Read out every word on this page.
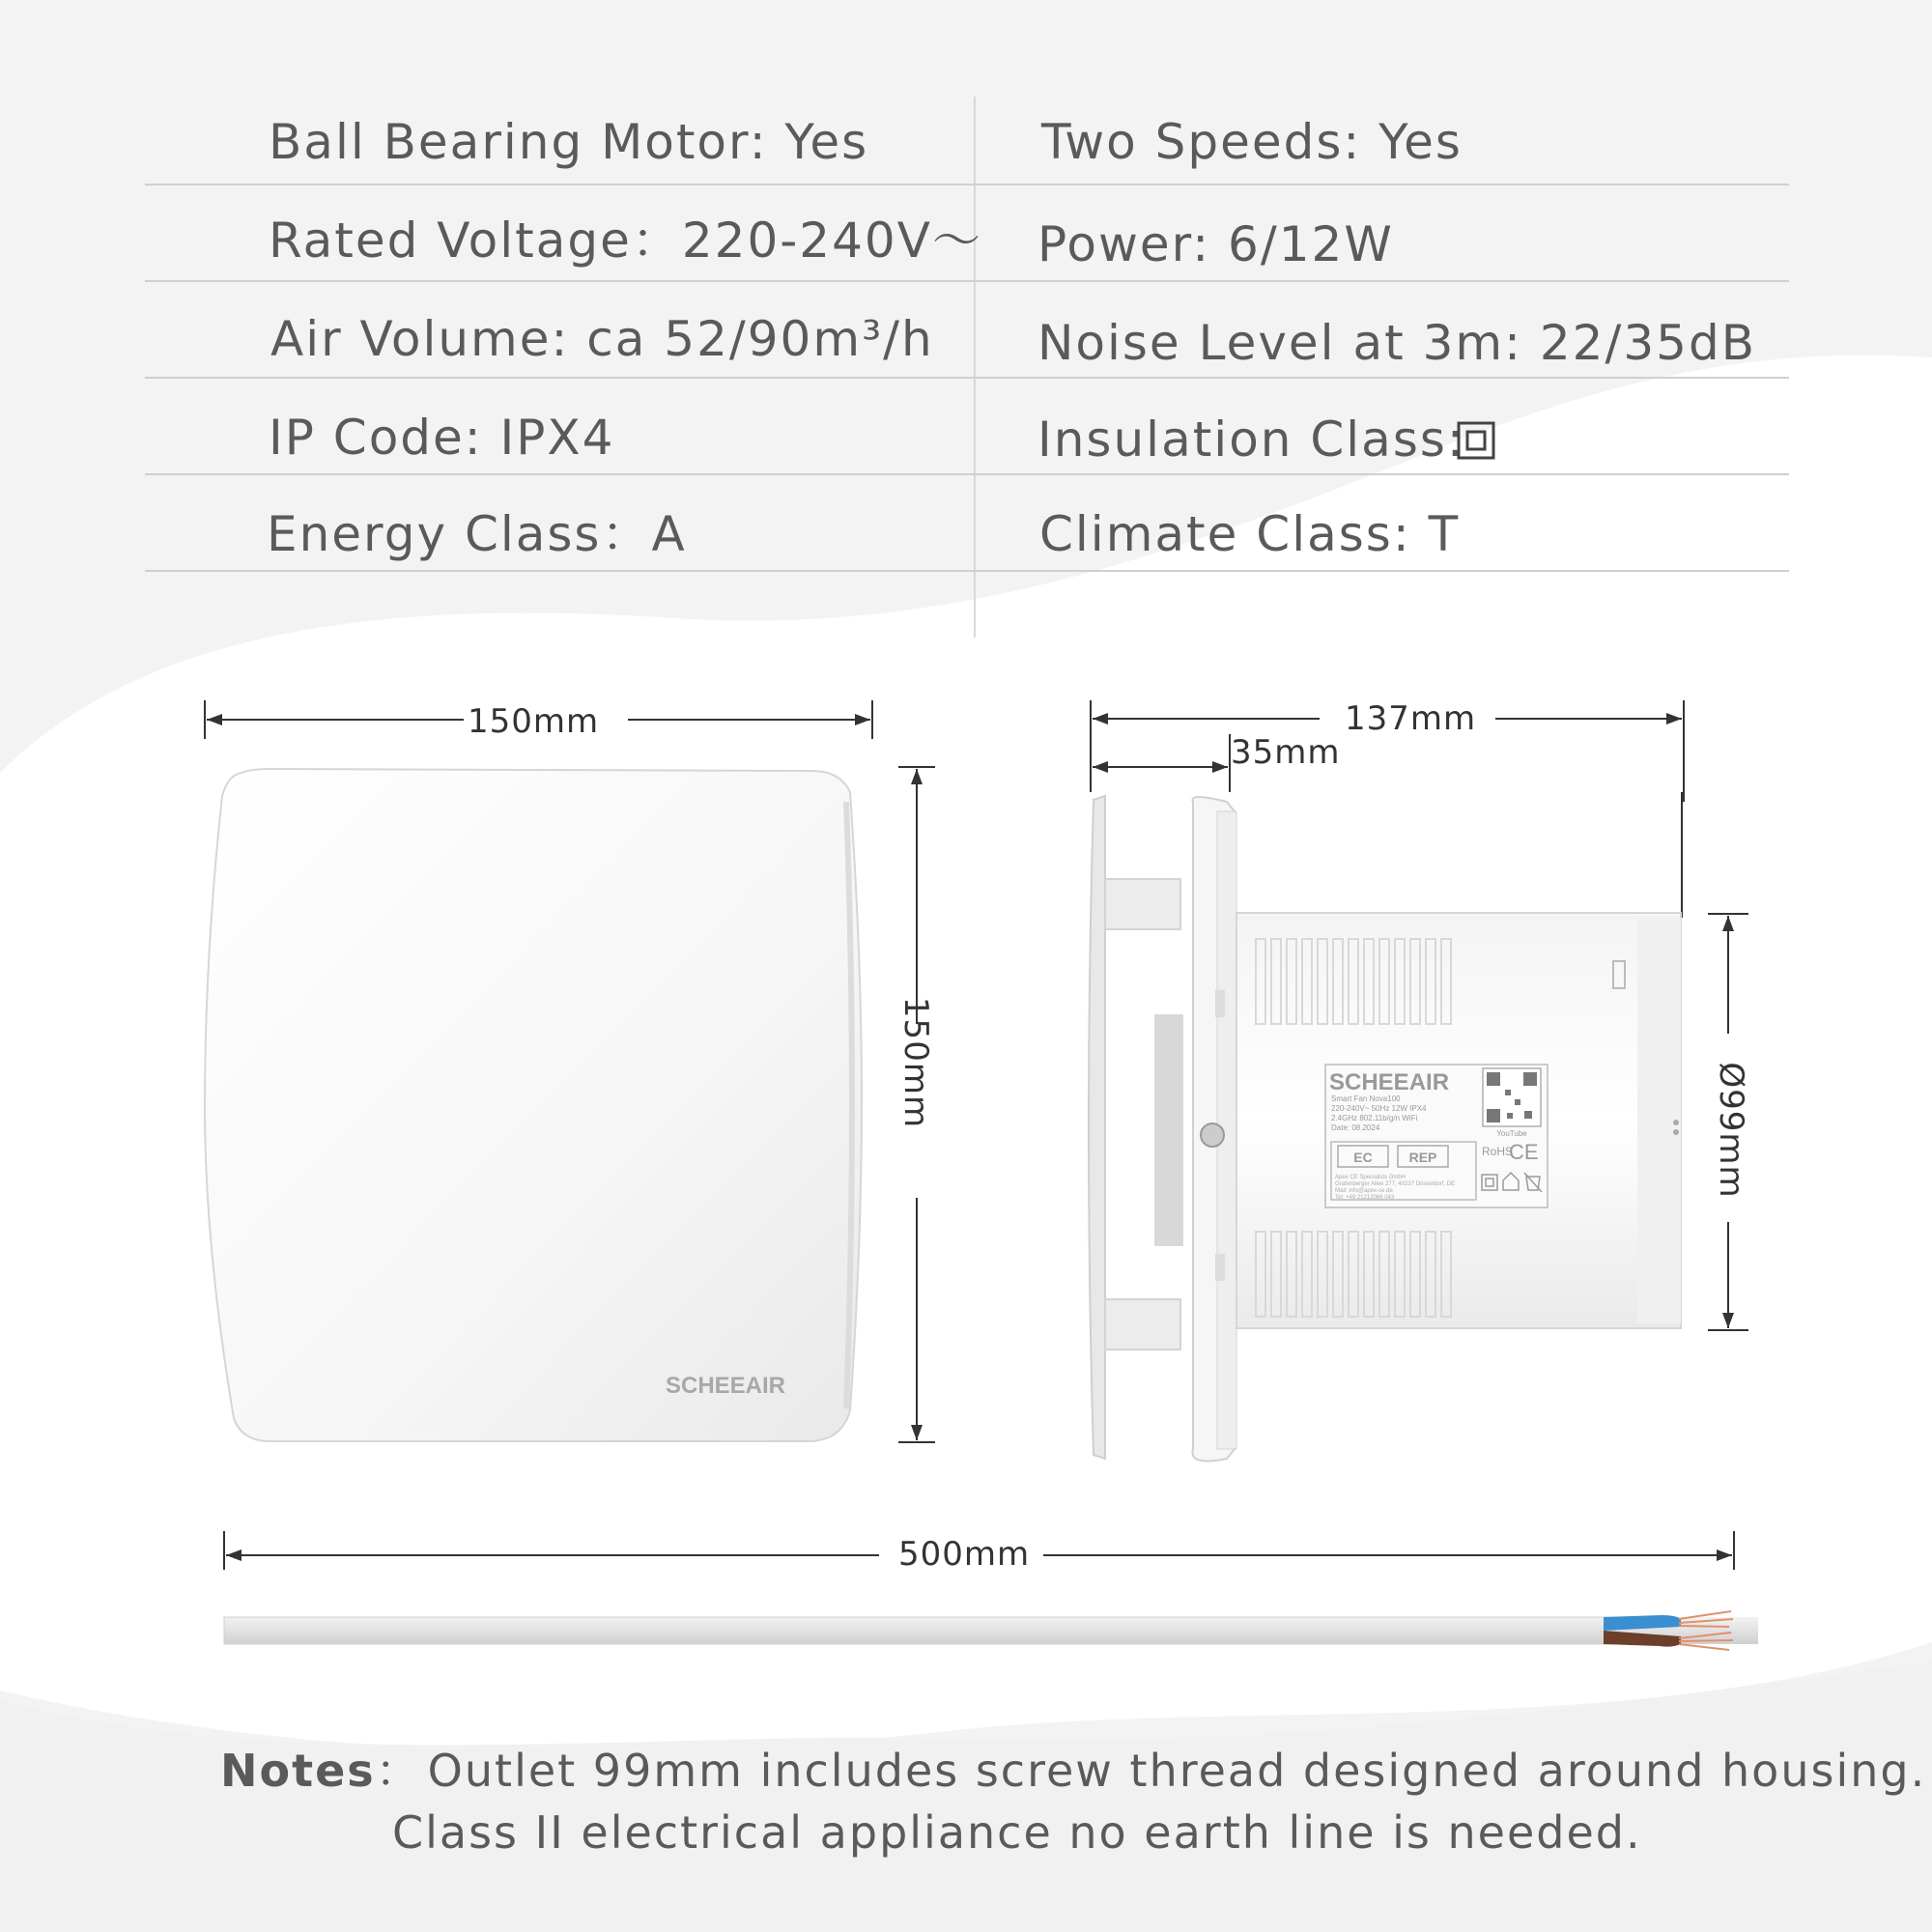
Ball Bearing Motor: Yes	Two Speeds: Yes
Rated Voltage：220-240V～ Power: 6/12W
Air Volume: ca 52/90m³/h Noise Level at 3m: 22/35dB
IP Code: IPX4	Insulation Class:
Energy Class：A	Climate Class: T
150mm
SCHEEAIR
150mm
137mm
35mm
SCHEEAIR
Smart Fan Nova100
220-240V~ 50Hz 12W IPX4
2.4GHz 802.11b/g/n WiFi
Date: 08.2024
YouTube
EC	REP
Apex CE Specialists GmbH
Grafenberger Allee 277, 40237 Düsseldorf, DE
Mail: info@apex-ce.de
Tel: +49 21212066 043
RoHS
CE	Ø99mm
500mm
Notes： Outlet 99mm includes screw thread designed around housing.
Class II electrical appliance no earth line is needed.
